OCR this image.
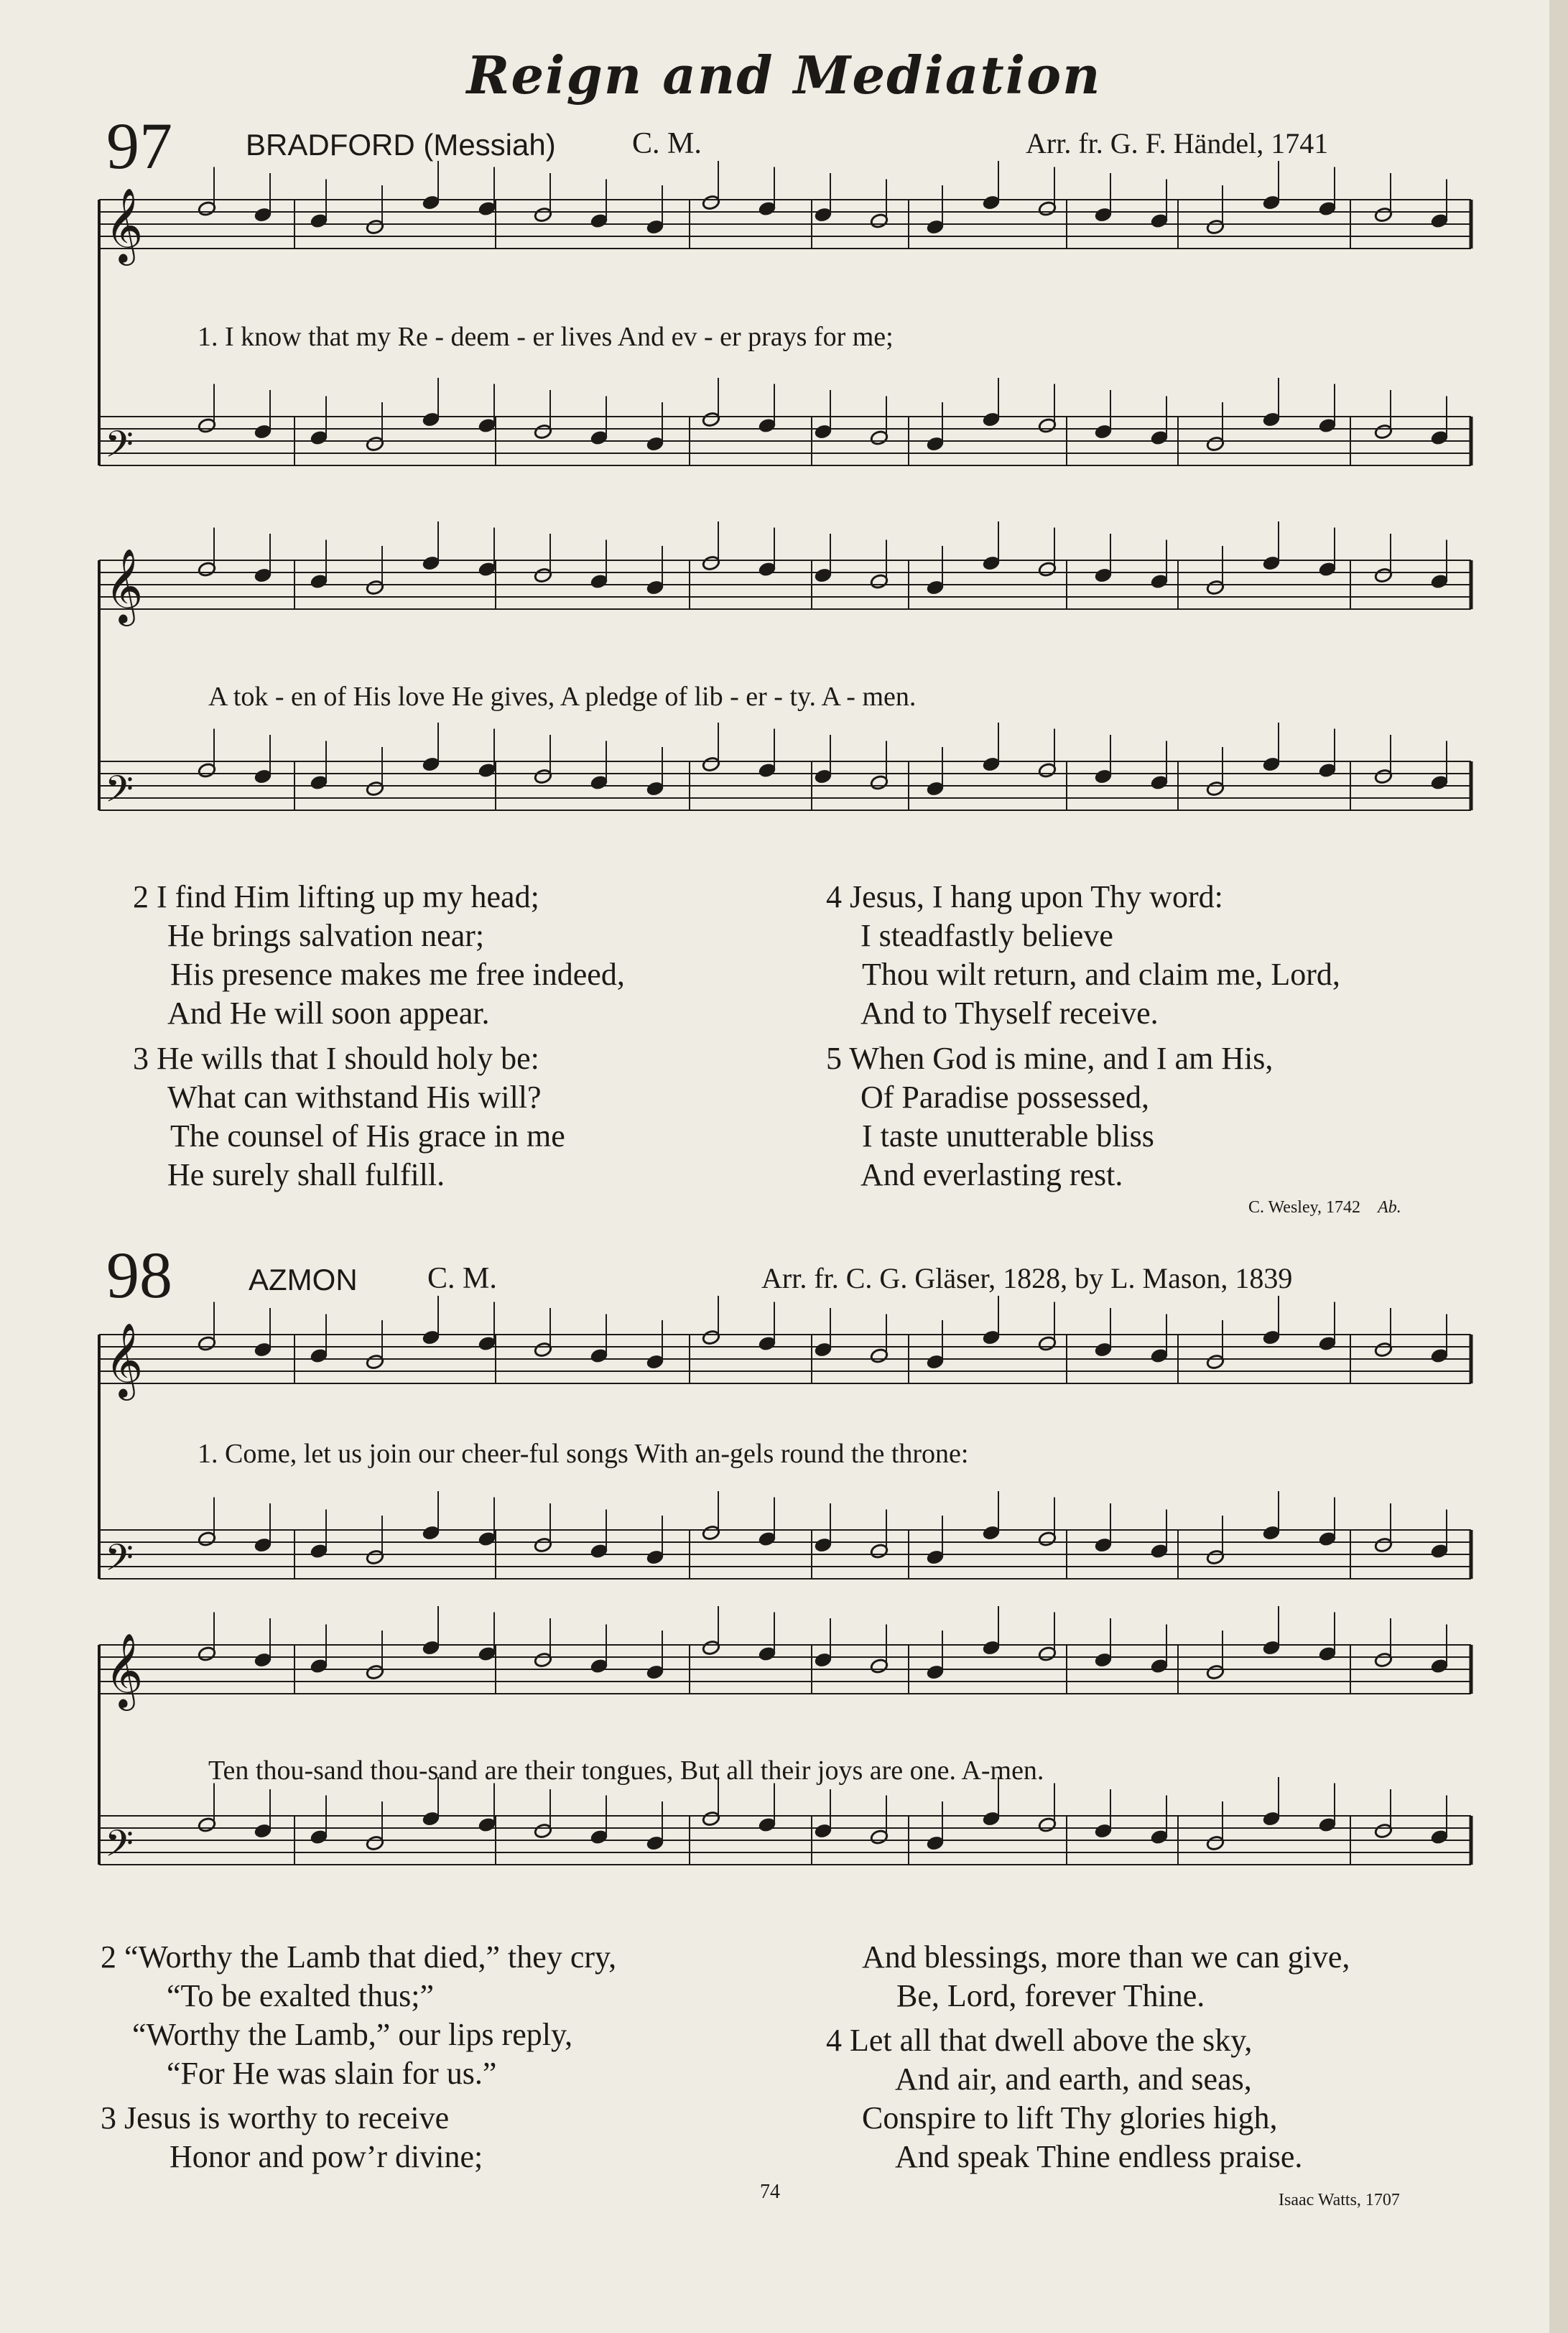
Reign and Mediation
97 BRADFORD (Messiah)	C. M.	Arr. fr. G. F. Händel, 1741
𝄞
𝄢
𝄞
𝄢
𝄞
𝄢
𝄞
𝄢
1. I know that my Re - deem - er lives And ev - er prays for me;
A tok - en of His love He gives, A pledge of lib - er - ty. A - men.
2 I find Him lifting up my head;
He brings salvation near;
His presence makes me free indeed,
And He will soon appear.
3 He wills that I should holy be:
What can withstand His will?
The counsel of His grace in me
He surely shall fulfill.
4 Jesus, I hang upon Thy word:
I steadfastly believe
Thou wilt return, and claim me, Lord,
And to Thyself receive.
5 When God is mine, and I am His,
Of Paradise possessed,
I taste unutterable bliss
And everlasting rest.
C. Wesley, 1742 Ab.
98	AZMON C. M.	Arr. fr. C. G. Gläser, 1828, by L. Mason, 1839
1. Come, let us join our cheer-ful songs With an-gels round the throne:
Ten thou-sand thou-sand are their tongues, But all their joys are one. A-men.
2 “Worthy the Lamb that died,” they cry,
“To be exalted thus;”
“Worthy the Lamb,” our lips reply,
“For He was slain for us.”
3 Jesus is worthy to receive
Honor and pow’r divine;
And blessings, more than we can give,
Be, Lord, forever Thine.
4 Let all that dwell above the sky,
And air, and earth, and seas,
Conspire to lift Thy glories high,
And speak Thine endless praise.
74	Isaac Watts, 1707
